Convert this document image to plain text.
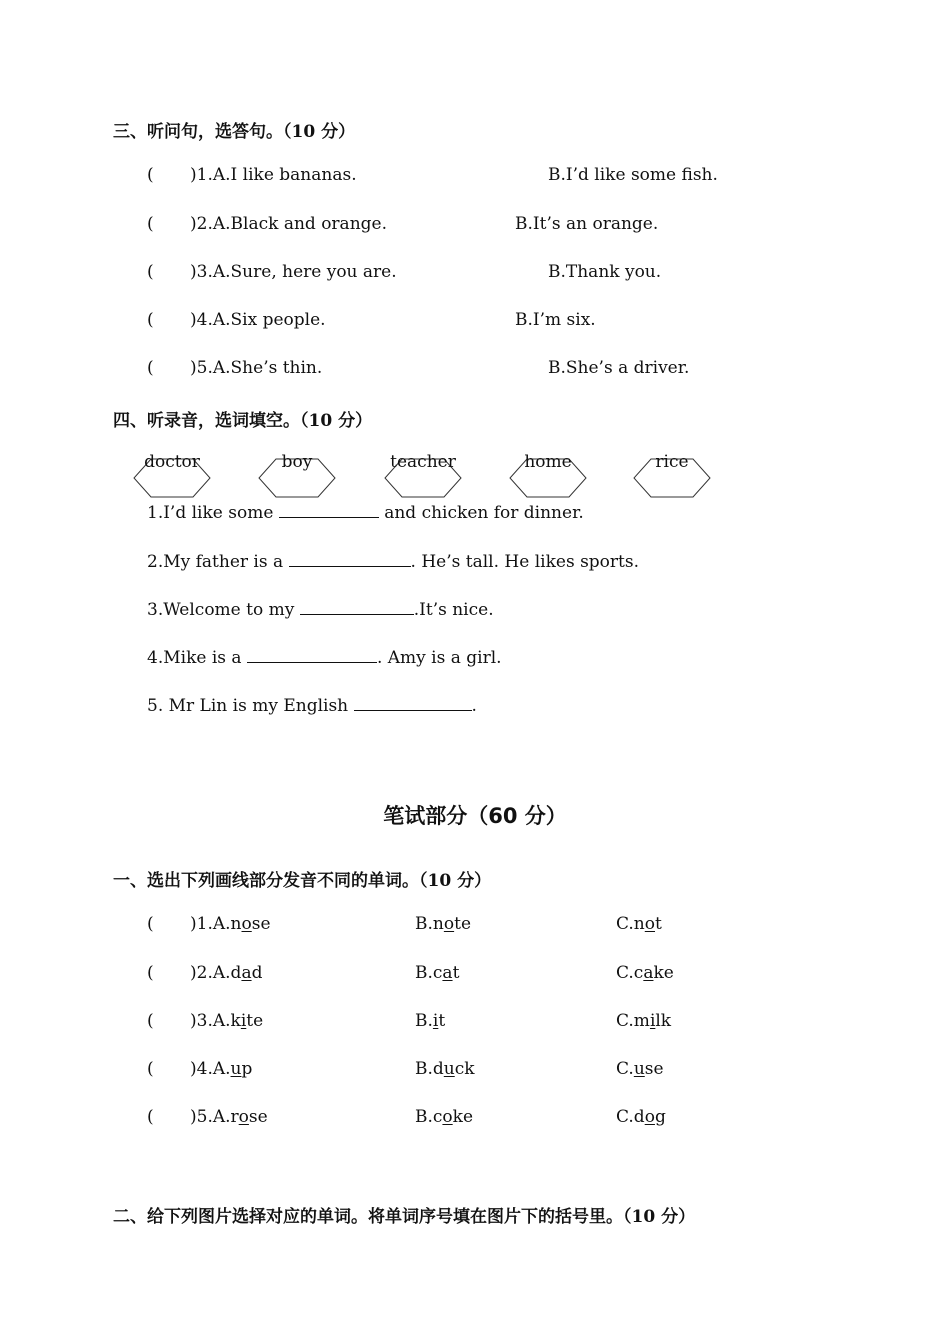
三、听问句，选答句。（10 分）
( )1.A.I like bananas.	B.I’d like some fish.
( )2.A.Black and orange.	B.It’s an orange.
( )3.A.Sure, here you are.	B.Thank you.
( )4.A.Six people.	B.I’m six.
( )5.A.She’s thin.	B.She’s a driver.
四、听录音，选词填空。（10 分）
doctor	boy	teacher	home	rice
1.I’d like some	and chicken for dinner.
2.My father is a	. He’s tall. He likes sports.
3.Welcome to my	.It’s nice.
4.Mike is a	. Amy is a girl.
5. Mr Lin is my English	.
笔试部分（60 分）
一、选出下列画线部分发音不同的单词。（10 分）
( )1.A.nose	B.note	C.not
( )2.A.dad	B.cat	C.cake
( )3.A.kite	B.it	C.milk
( )4.A.up	B.duck	C.use
( )5.A.rose	B.coke	C.dog
二、给下列图片选择对应的单词。将单词序号填在图片下的括号里。（10 分）
